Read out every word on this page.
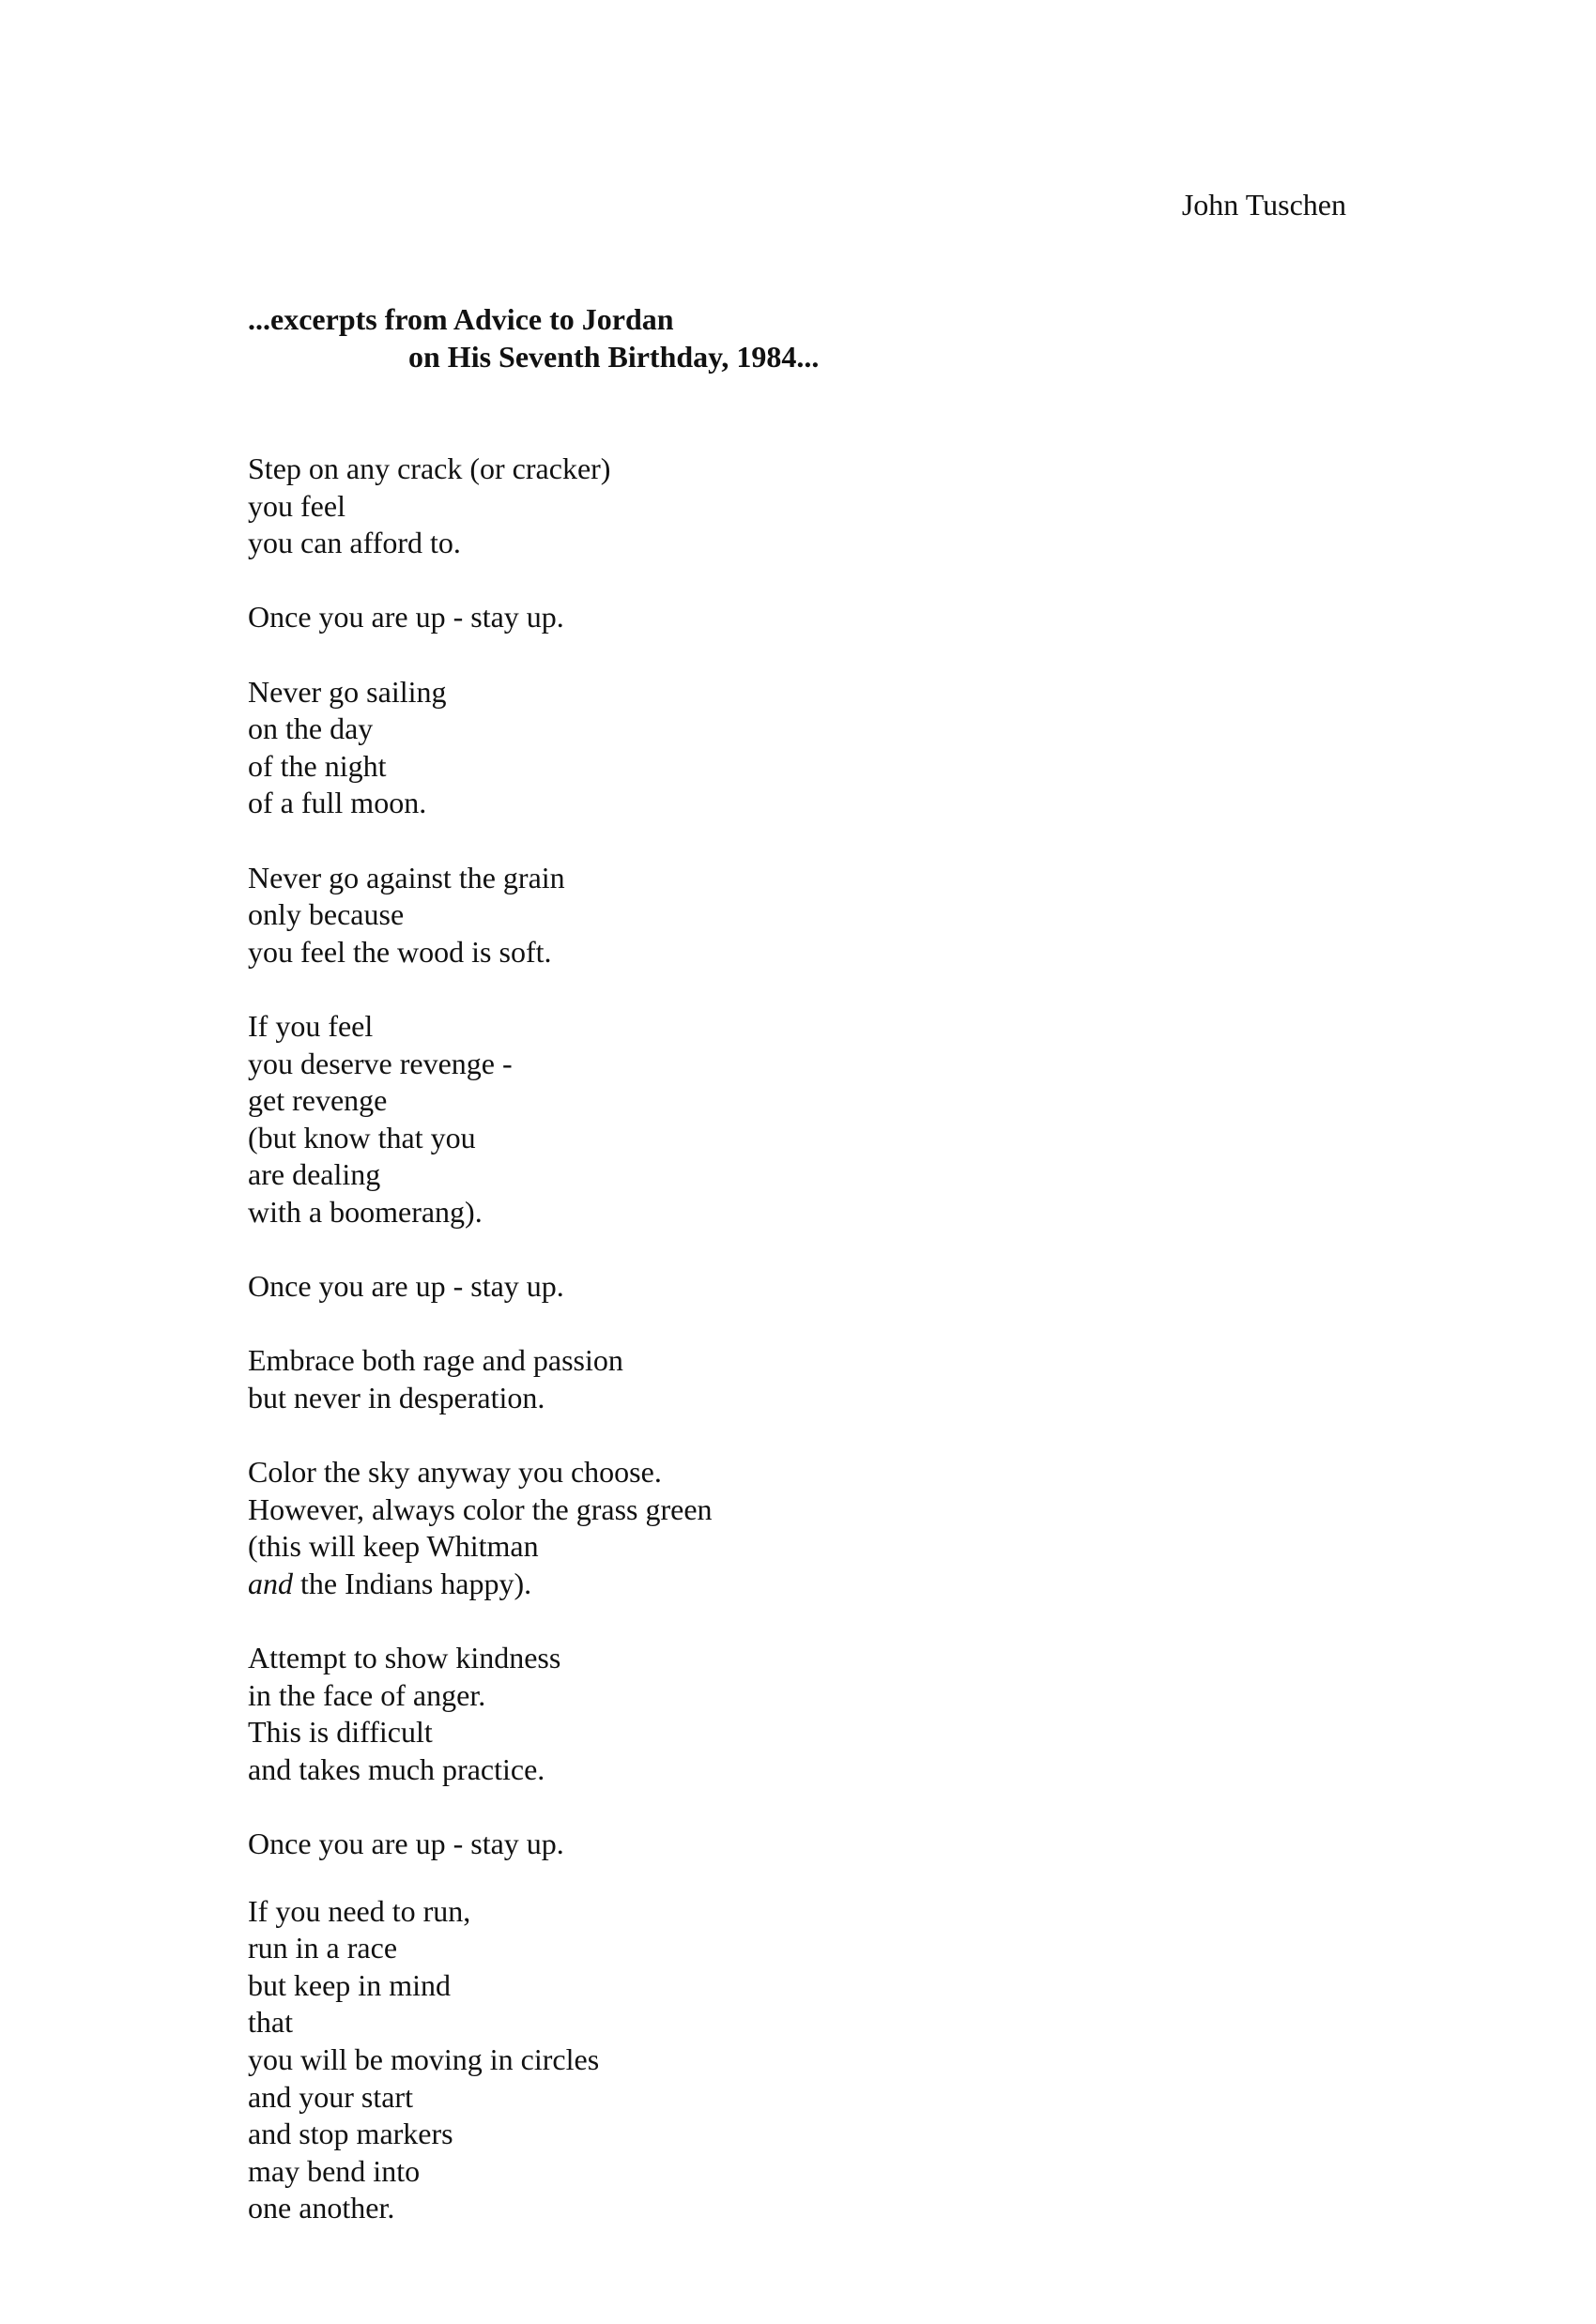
John Tuschen
...excerpts from Advice to Jordan
on His Seventh Birthday, 1984...
Step on any crack (or cracker)
you feel
you can afford to.
Once you are up - stay up.
Never go sailing
on the day
of the night
of a full moon.
Never go against the grain
only because
you feel the wood is soft.
If you feel
you deserve revenge -
get revenge
(but know that you
are dealing
with a boomerang).
Once you are up - stay up.
Embrace both rage and passion
but never in desperation.
Color the sky anyway you choose.
However, always color the grass green
(this will keep Whitman
and the Indians happy).
Attempt to show kindness
in the face of anger.
This is difficult
and takes much practice.
Once you are up - stay up.
If you need to run,
run in a race
but keep in mind
that
you will be moving in circles
and your start
and stop markers
may bend into
one another.
